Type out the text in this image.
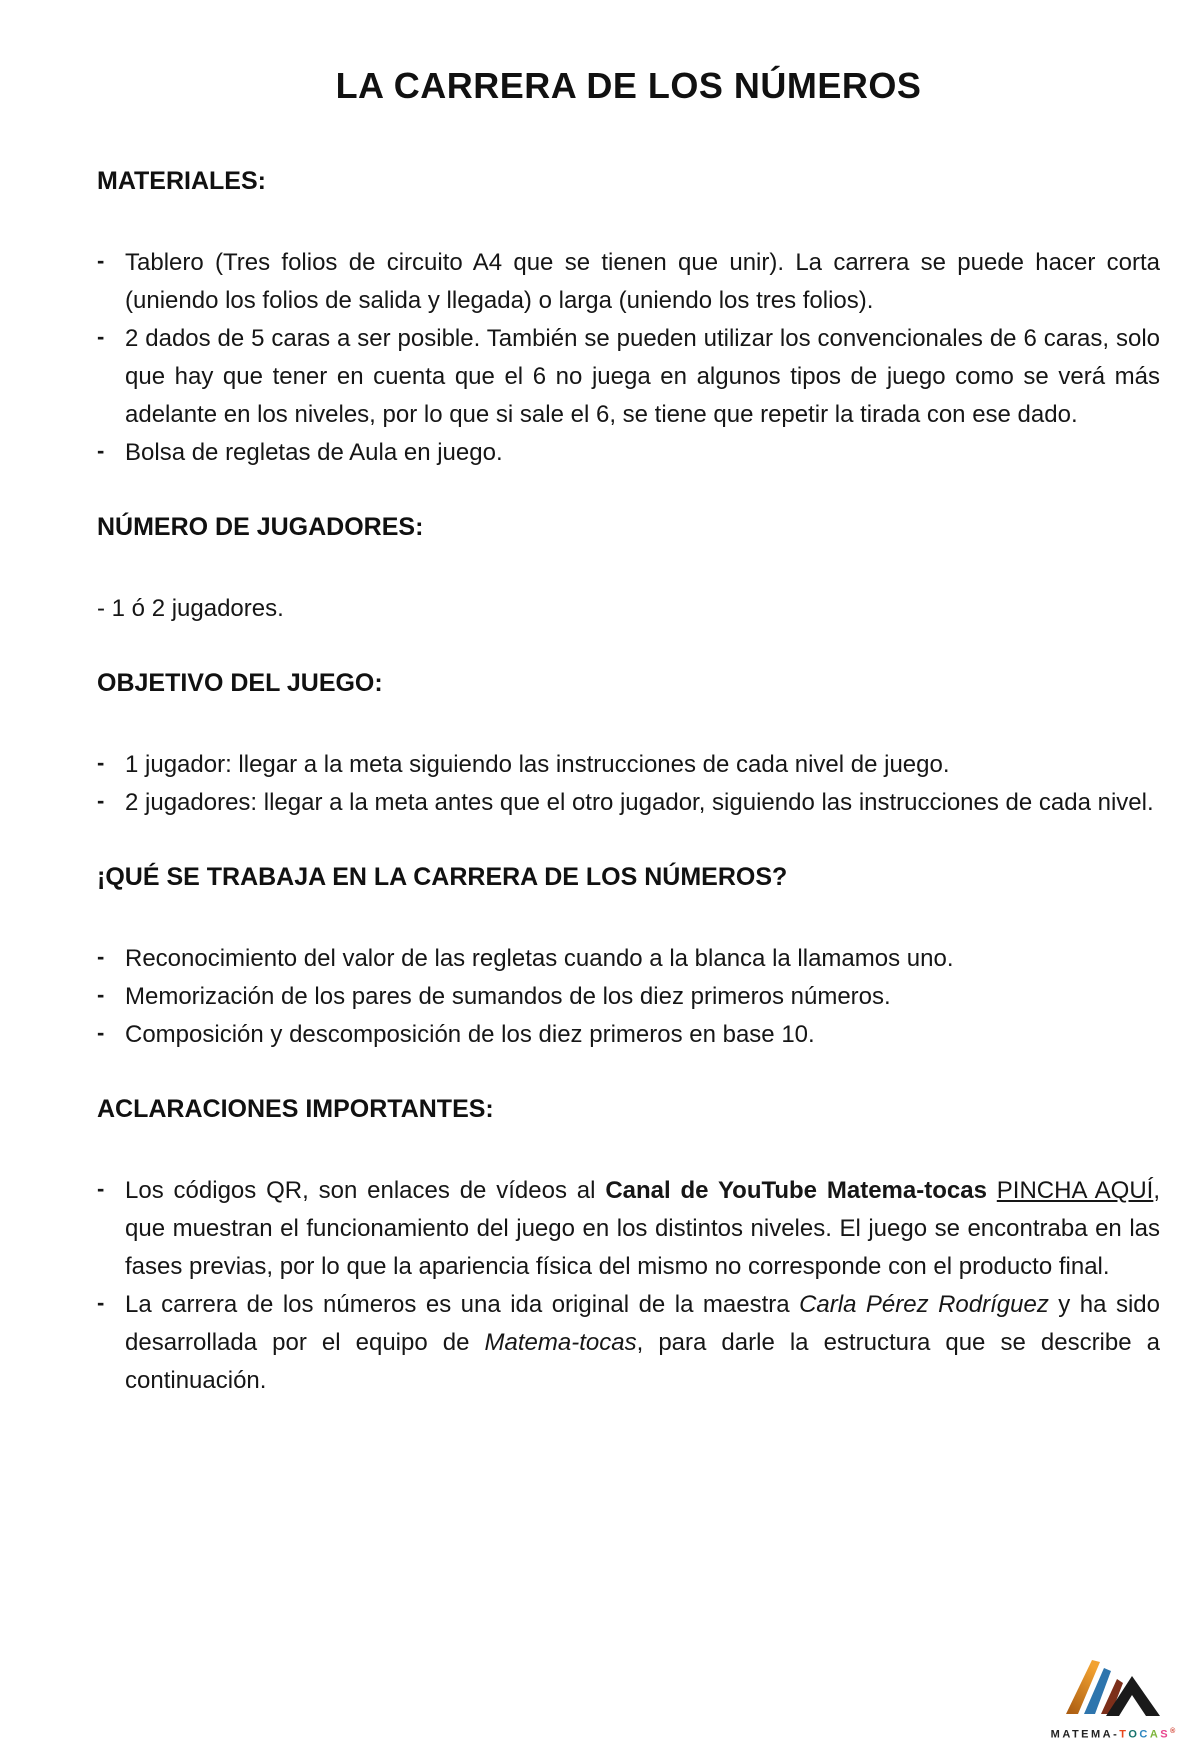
LA CARRERA DE LOS NÚMEROS
MATERIALES:
- Tablero (Tres folios de circuito A4 que se tienen que unir). La carrera se puede hacer corta (uniendo los folios de salida y llegada) o larga (uniendo los tres folios).
- 2 dados de 5 caras a ser posible. También se pueden utilizar los convencionales de 6 caras, solo que hay que tener en cuenta que el 6 no juega en algunos tipos de juego como se verá más adelante en los niveles, por lo que si sale el 6, se tiene que repetir la tirada con ese dado.
- Bolsa de regletas de Aula en juego.
NÚMERO DE JUGADORES:

- 1 ó 2 jugadores.

OBJETIVO DEL JUEGO:
- 1 jugador: llegar a la meta siguiendo las instrucciones de cada nivel de juego.
- 2 jugadores: llegar a la meta antes que el otro jugador, siguiendo las instrucciones de cada nivel.
¡QUÉ SE TRABAJA EN LA CARRERA DE LOS NÚMEROS?
- Reconocimiento del valor de las regletas cuando a la blanca la llamamos uno.
- Memorización de los pares de sumandos de los diez primeros números.
- Composición y descomposición de los diez primeros en base 10.
ACLARACIONES IMPORTANTES:
- Los códigos QR, son enlaces de vídeos al Canal de YouTube Matema-tocas PINCHA AQUÍ, que muestran el funcionamiento del juego en los distintos niveles. El juego se encontraba en las fases previas, por lo que la apariencia física del mismo no corresponde con el producto final.
- La carrera de los números es una ida original de la maestra Carla Pérez Rodríguez y ha sido desarrollada por el equipo de Matema-tocas, para darle la estructura que se describe a continuación.
MATEMA-TOCAS®
